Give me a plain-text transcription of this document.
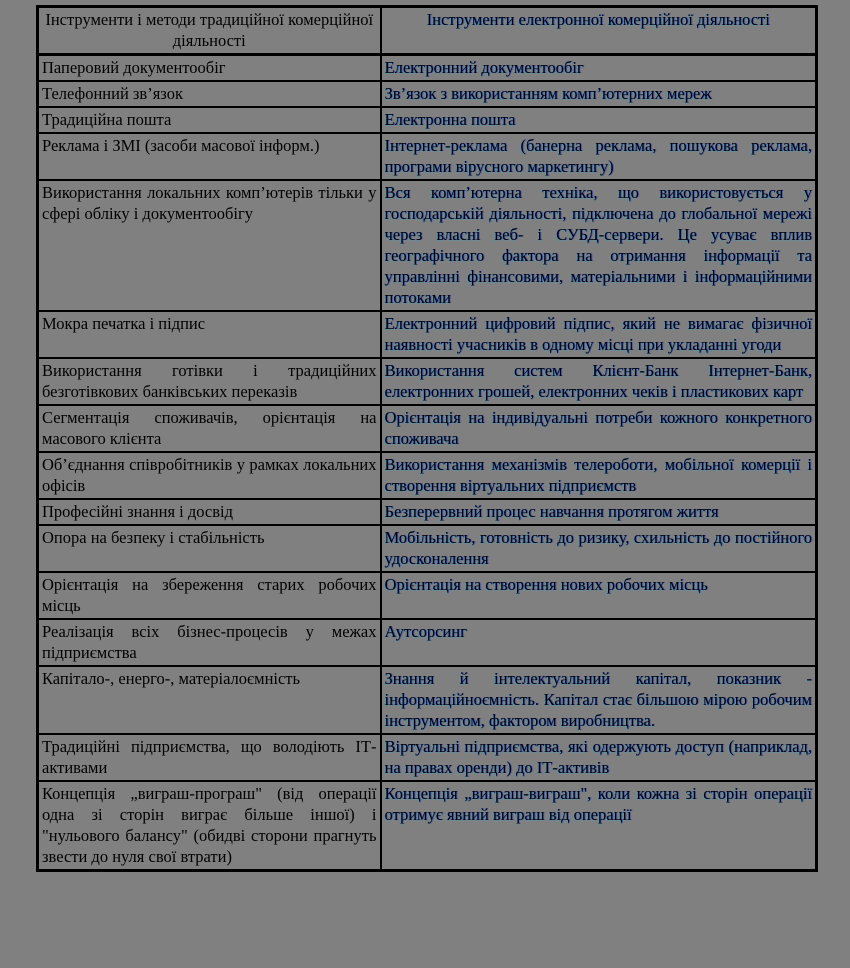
Інструменти і методи традиційної комерційної діяльності	Інструменти електронної комерційної діяльності
Паперовий документообіг	Електронний документообіг
Телефонний зв’язок	Зв’язок з використанням комп’ютерних мереж
Традиційна пошта	Електронна пошта
Реклама і ЗМІ (засоби масової інформ.)	Інтернет-реклама (банерна реклама, пошукова реклама, програми вірусного маркетингу)
Використання локальних комп’ютерів тільки у сфері обліку і документообігу	Вся комп’ютерна техніка, що використовується у господарській діяльності, підключена до глобальної мережі через власні веб- і СУБД-сервери. Це усуває вплив географічного фактора на отримання інформації та управлінні фінансовими, матеріальними і інформаційними потоками
Мокра печатка і підпис	Електронний цифровий підпис, який не вимагає фізичної наявності учасників в одному місці при укладанні угоди
Використання готівки і традиційних безготівкових банківських переказів	Використання систем Клієнт-Банк Інтернет-Банк, електронних грошей, електронних чеків і пластикових карт
Сегментація споживачів, орієнтація на масового клієнта	Орієнтація на індивідуальні потреби кожного конкретного споживача
Об’єднання співробітників у рамках локальних офісів	Використання механізмів телероботи, мобільної комерції і створення віртуальних підприємств
Професійні знання і досвід	Безперервний процес навчання протягом життя
Опора на безпеку і стабільність	Мобільність, готовність до ризику, схильність до постійного удосконалення
Орієнтація на збереження старих робочих місць	Орієнтація на створення нових робочих місць
Реалізація всіх бізнес-процесів у межах підприємства	Аутсорсинг
Капітало-, енерго-, матеріалоємність	Знання й інтелектуальний капітал, показник - інформаційноємність. Капітал стає більшою мірою робочим інструментом, фактором виробництва.
Традиційні підприємства, що володіють ІТ-активами	Віртуальні підприємства, які одержують доступ (наприклад, на правах оренди) до ІТ-активів
Концепція „виграш-програш" (від операції одна зі сторін виграє більше іншої) і "нульового балансу" (обидві сторони прагнуть звести до нуля свої втрати)	Концепція „виграш-виграш", коли кожна зі сторін операції отримує явний виграш від операції
